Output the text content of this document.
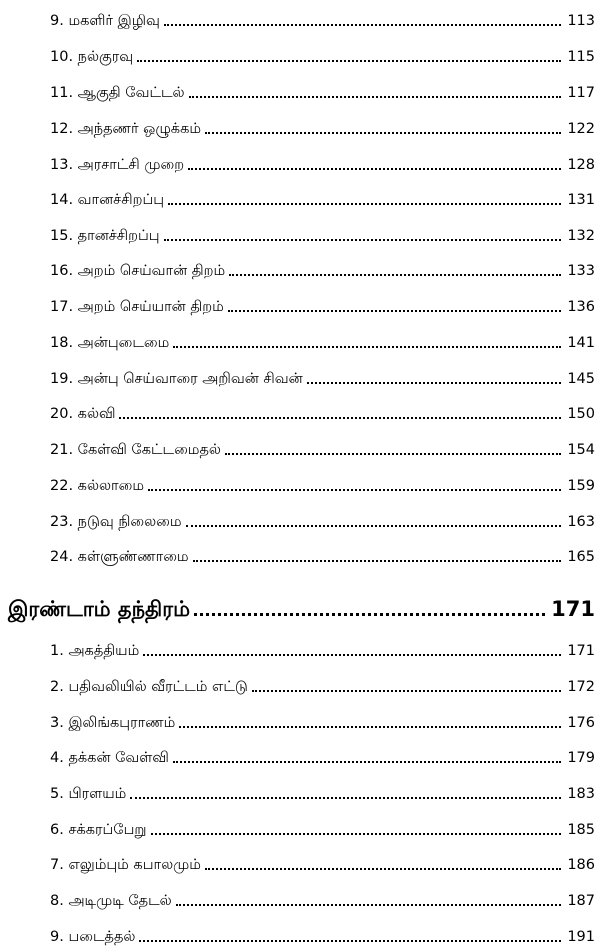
9. மகளிர் இழிவு	113
10. நல்குரவு	115
11. ஆகுதி வேட்டல்	117
12. அந்தணர் ஒழுக்கம்	122
13. அரசாட்சி முறை	128
14. வானச்சிறப்பு	131
15. தானச்சிறப்பு	132
16. அறம் செய்வான் திறம்	133
17. அறம் செய்யான் திறம்	136
18. அன்புடைமை	141
19. அன்பு செய்வாரை அறிவன் சிவன்	145
20. கல்வி	150
21. கேள்வி கேட்டமைதல்	154
22. கல்லாமை	159
23. நடுவு நிலைமை	163
24. கள்ளுண்ணாமை	165
இரண்டாம் தந்திரம்	171
1. அகத்தியம்	171
2. பதிவலியில் வீரட்டம் எட்டு	172
3. இலிங்கபுராணம்	176
4. தக்கன் வேள்வி	179
5. பிரளயம்	183
6. சக்கரப்பேறு	185
7. எலும்பும் கபாலமும்	186
8. அடிமுடி தேடல்	187
9. படைத்தல்	191
